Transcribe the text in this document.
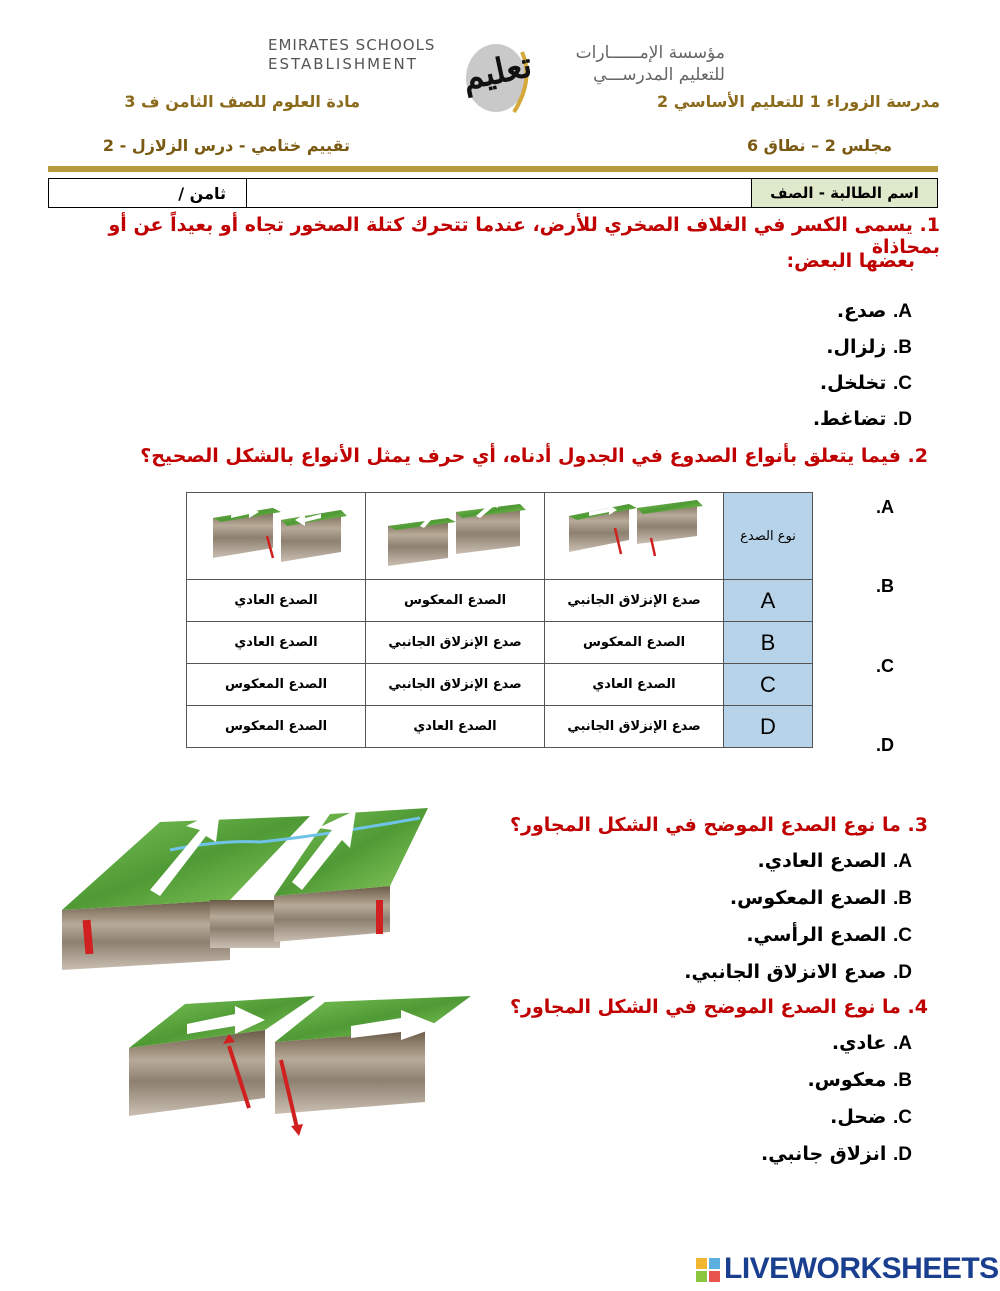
EMIRATES SCHOOLS
ESTABLISHMENT	تعليم	مؤسسة الإمــــــارات
للتعليم المدرســـي
مدرسة الزوراء 1 للتعليم الأساسي 2
مادة العلوم للصف الثامن ف 3
مجلس 2 – نطاق 6
تقييم ختامي - درس الزلازل - 2
اسم الطالبة - الصف
ثامن /
1. يسمى الكسر في الغلاف الصخري للأرض، عندما تتحرك كتلة الصخور تجاه أو بعيداً عن أو بمحاذاة
بعضها البعض:
A. صدع.
B. زلزال.
C. تخلخل.
D. تضاغط.
2. فيما يتعلق بأنواع الصدوع في الجدول أدناه، أي حرف يمثل الأنواع بالشكل الصحيح؟
نوع الصدع			
A	صدع الإنزلاق الجانبي	الصدع المعكوس	الصدع العادي
B	الصدع المعكوس	صدع الإنزلاق الجانبي	الصدع العادي
C	الصدع العادي	صدع الإنزلاق الجانبي	الصدع المعكوس
D	صدع الإنزلاق الجانبي	الصدع العادي	الصدع المعكوس
.A
.B
.C
.D
3. ما نوع الصدع الموضح في الشكل المجاور؟
A. الصدع العادي.
B. الصدع المعكوس.
C. الصدع الرأسي.
D. صدع الانزلاق الجانبي.
4. ما نوع الصدع الموضح في الشكل المجاور؟
A. عادي.
B. معكوس.
C. ضحل.
D. انزلاق جانبي.
LIVEWORKSHEETS
